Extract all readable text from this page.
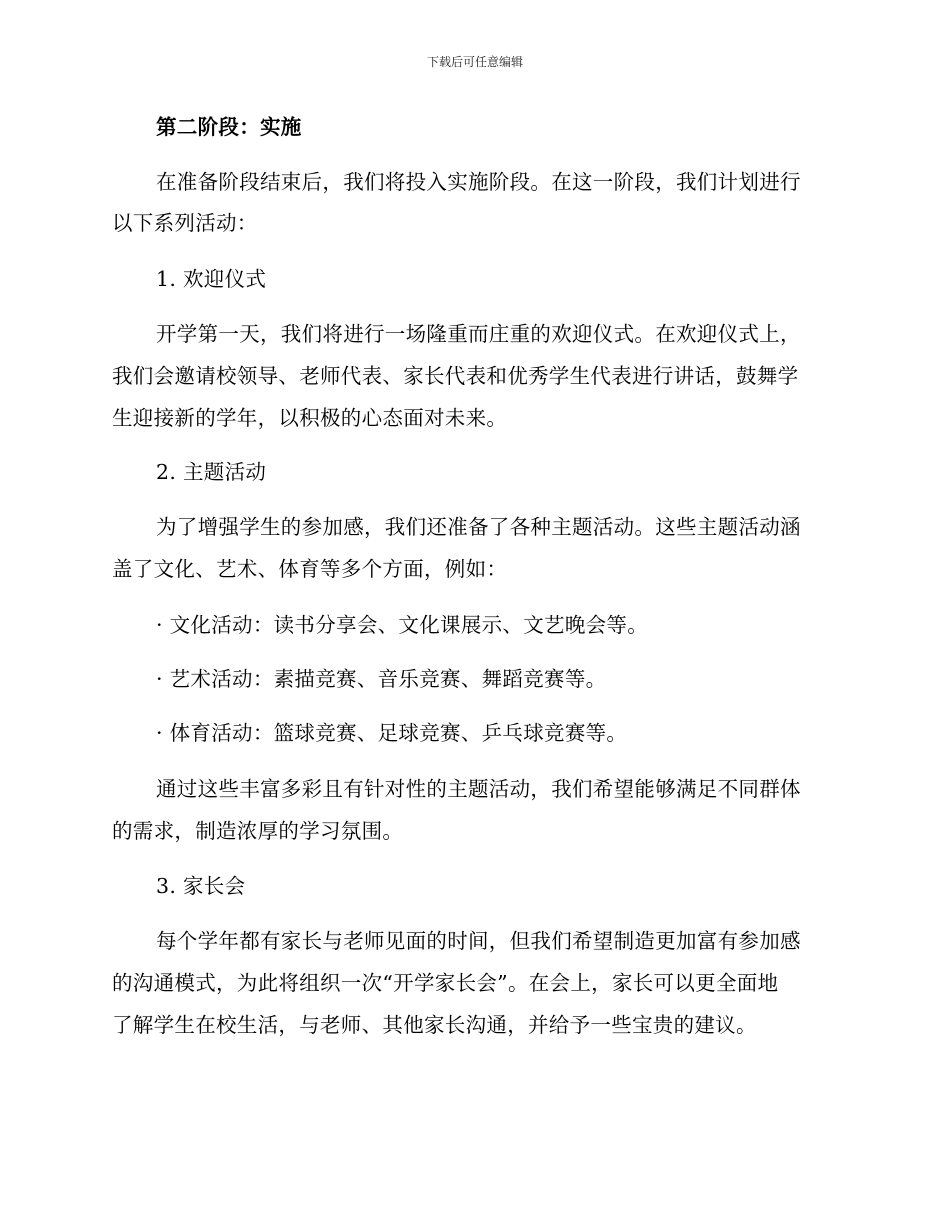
下载后可任意编辑
第二阶段：实施
在准备阶段结束后，我们将投入实施阶段。在这一阶段，我们计划进行
以下系列活动：
1. 欢迎仪式
开学第一天，我们将进行一场隆重而庄重的欢迎仪式。在欢迎仪式上，
我们会邀请校领导、老师代表、家长代表和优秀学生代表进行讲话，鼓舞学
生迎接新的学年，以积极的心态面对未来。
2. 主题活动
为了增强学生的参加感，我们还准备了各种主题活动。这些主题活动涵
盖了文化、艺术、体育等多个方面，例如：
· 文化活动：读书分享会、文化课展示、文艺晚会等。
· 艺术活动：素描竞赛、音乐竞赛、舞蹈竞赛等。
· 体育活动：篮球竞赛、足球竞赛、乒乓球竞赛等。
通过这些丰富多彩且有针对性的主题活动，我们希望能够满足不同群体
的需求，制造浓厚的学习氛围。
3. 家长会
每个学年都有家长与老师见面的时间，但我们希望制造更加富有参加感
的沟通模式，为此将组织一次“开学家长会”。在会上，家长可以更全面地
了解学生在校生活，与老师、其他家长沟通，并给予一些宝贵的建议。
